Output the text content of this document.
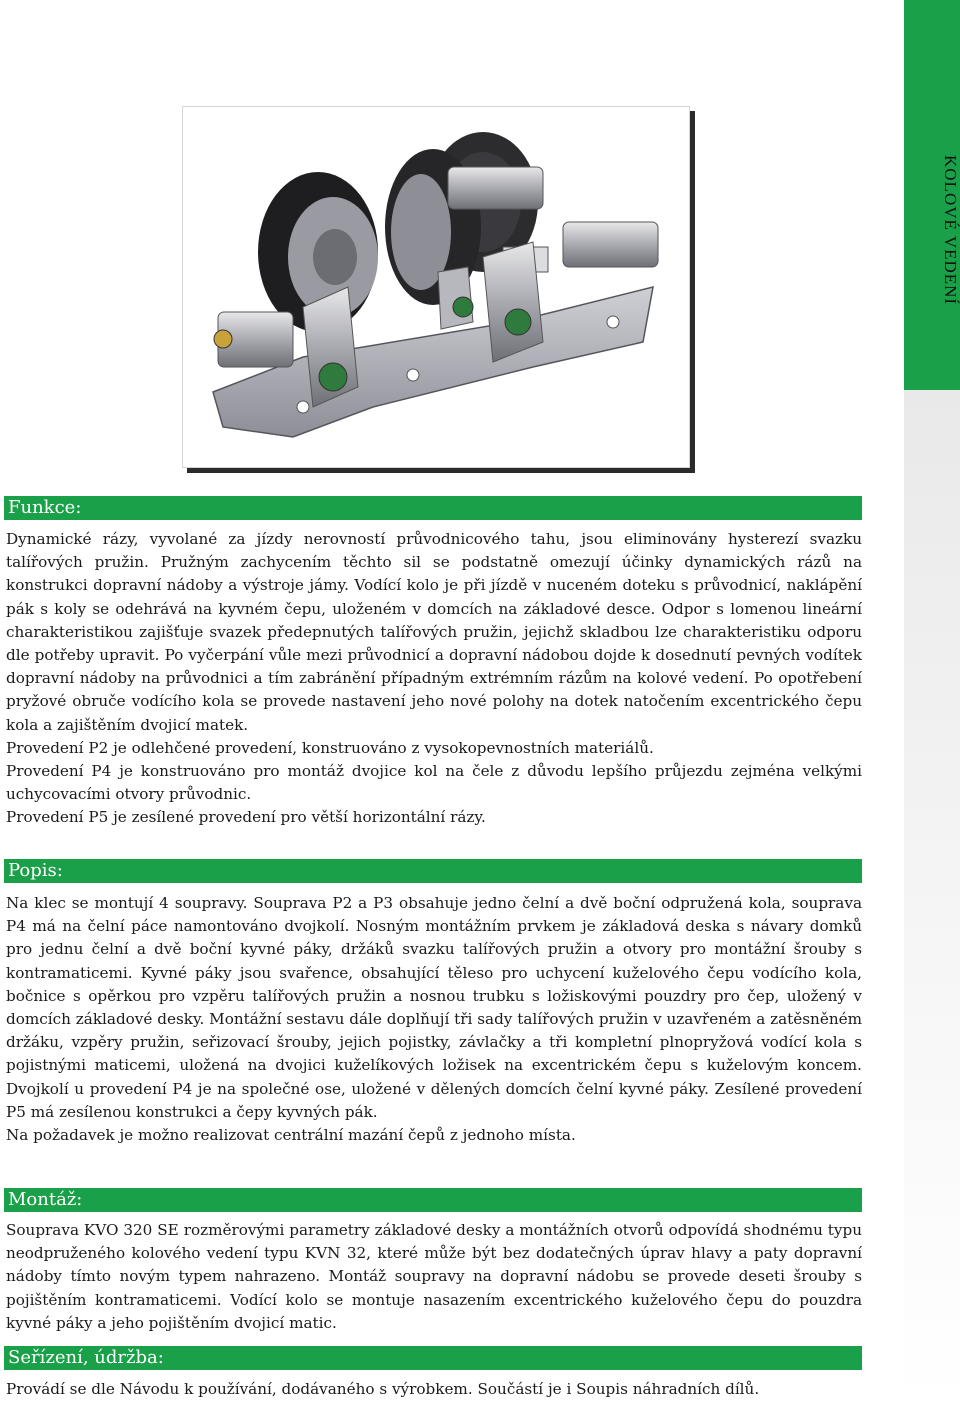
KOLOVÉ VEDENÍ
Funkce:

Dynamické rázy, vyvolané za jízdy nerovností průvodnicového tahu, jsou eliminovány hysterezí svazku talířových pružin. Pružným zachycením těchto sil se podstatně omezují účinky dynamických rázů na konstrukci dopravní nádoby a výstroje jámy. Vodící kolo je při jízdě v nuceném doteku s průvodnicí, naklápění pák s koly se odehrává na kyvném čepu, uloženém v domcích na základové desce. Odpor s lomenou lineární charakteristikou zajišťuje svazek předepnutých talířových pružin, jejichž skladbou lze charakteristiku odporu dle potřeby upravit. Po vyčerpání vůle mezi průvodnicí a dopravní nádobou dojde k dosednutí pevných vodítek dopravní nádoby na průvodnici a tím zabránění případným extrémním rázům na kolové vedení. Po opotřebení pryžové obruče vodícího kola se provede nastavení jeho nové polohy na dotek natočením excentrického čepu kola a zajištěním dvojicí matek.

Provedení P2 je odlehčené provedení, konstruováno z vysokopevnostních materiálů.

Provedení P4 je konstruováno pro montáž dvojice kol na čele z důvodu lepšího průjezdu zejména velkými uchycovacími otvory průvodnic.

Provedení P5 je zesílené provedení pro větší horizontální rázy.

Popis:

Na klec se montují 4 soupravy. Souprava P2 a P3 obsahuje jedno čelní a dvě boční odpružená kola, souprava P4 má na čelní páce namontováno dvojkolí. Nosným montážním prvkem je základová deska s návary domků pro jednu čelní a dvě boční kyvné páky, držáků svazku talířových pružin a otvory pro montážní šrouby s kontramaticemi. Kyvné páky jsou svařence, obsahující těleso pro uchycení kuželového čepu vodícího kola, bočnice s opěrkou pro vzpěru talířových pružin a nosnou trubku s ložiskovými pouzdry pro čep, uložený v domcích základové desky. Montážní sestavu dále doplňují tři sady talířových pružin v uzavřeném a zatěsněném držáku, vzpěry pružin, seřizovací šrouby, jejich pojistky, závlačky a tři kompletní plnopryžová vodící kola s pojistnými maticemi, uložená na dvojici kuželíkových ložisek na excentrickém čepu s kuželovým koncem. Dvojkolí u provedení P4 je na společné ose, uložené v dělených domcích čelní kyvné páky. Zesílené provedení P5 má zesílenou konstrukci a čepy kyvných pák.

Na požadavek je možno realizovat centrální mazání čepů z jednoho místa.

Montáž:

Souprava KVO 320 SE rozměrovými parametry základové desky a montážních otvorů odpovídá shodnému typu neodpruženého kolového vedení typu KVN 32, které může být bez dodatečných úprav hlavy a paty dopravní nádoby tímto novým typem nahrazeno. Montáž soupravy na dopravní nádobu se provede deseti šrouby s pojištěním kontramaticemi. Vodící kolo se montuje nasazením excentrického kuželového čepu do pouzdra kyvné páky a jeho pojištěním dvojicí matic.

Seřízení, údržba:

Provádí se dle Návodu k používání, dodávaného s výrobkem. Součástí je i Soupis náhradních dílů.
